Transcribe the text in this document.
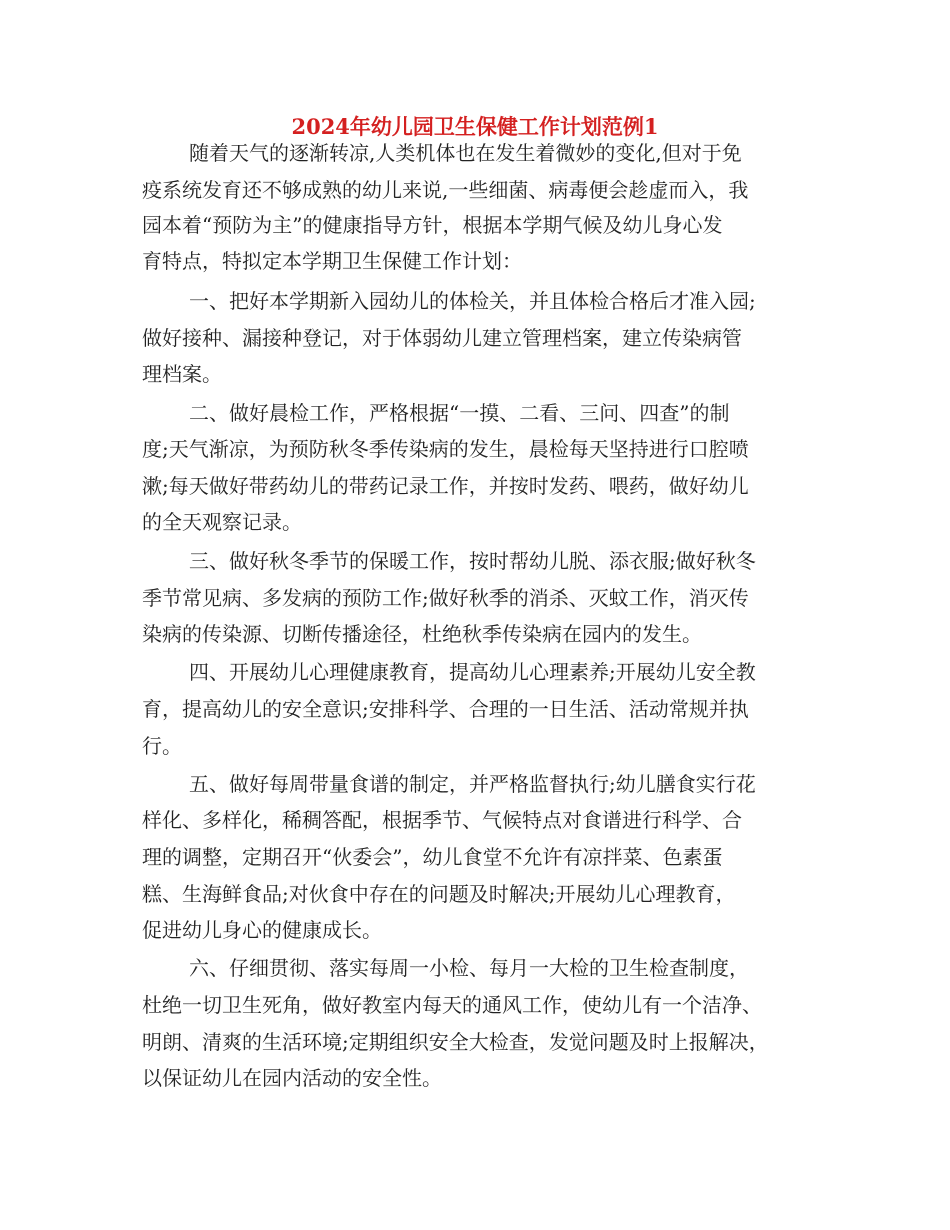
2024年幼儿园卫生保健工作计划范例1
随着天气的逐渐转凉,人类机体也在发生着微妙的变化,但对于免
疫系统发育还不够成熟的幼儿来说,一些细菌、病毒便会趁虚而入，我
园本着“预防为主”的健康指导方针，根据本学期气候及幼儿身心发
育特点，特拟定本学期卫生保健工作计划：
一、把好本学期新入园幼儿的体检关，并且体检合格后才准入园;
做好接种、漏接种登记，对于体弱幼儿建立管理档案，建立传染病管
理档案。
二、做好晨检工作，严格根据“一摸、二看、三问、四查”的制
度;天气渐凉，为预防秋冬季传染病的发生，晨检每天坚持进行口腔喷
漱;每天做好带药幼儿的带药记录工作，并按时发药、喂药，做好幼儿
的全天观察记录。
三、做好秋冬季节的保暖工作，按时帮幼儿脱、添衣服;做好秋冬
季节常见病、多发病的预防工作;做好秋季的消杀、灭蚊工作，消灭传
染病的传染源、切断传播途径，杜绝秋季传染病在园内的发生。
四、开展幼儿心理健康教育，提高幼儿心理素养;开展幼儿安全教
育，提高幼儿的安全意识;安排科学、合理的一日生活、活动常规并执
行。
五、做好每周带量食谱的制定，并严格监督执行;幼儿膳食实行花
样化、多样化，稀稠答配，根据季节、气候特点对食谱进行科学、合
理的调整，定期召开“伙委会”，幼儿食堂不允许有凉拌菜、色素蛋
糕、生海鲜食品;对伙食中存在的问题及时解决;开展幼儿心理教育，
促进幼儿身心的健康成长。
六、仔细贯彻、落实每周一小检、每月一大检的卫生检查制度，
杜绝一切卫生死角，做好教室内每天的通风工作，使幼儿有一个洁净、
明朗、清爽的生活环境;定期组织安全大检查，发觉问题及时上报解决，
以保证幼儿在园内活动的安全性。
